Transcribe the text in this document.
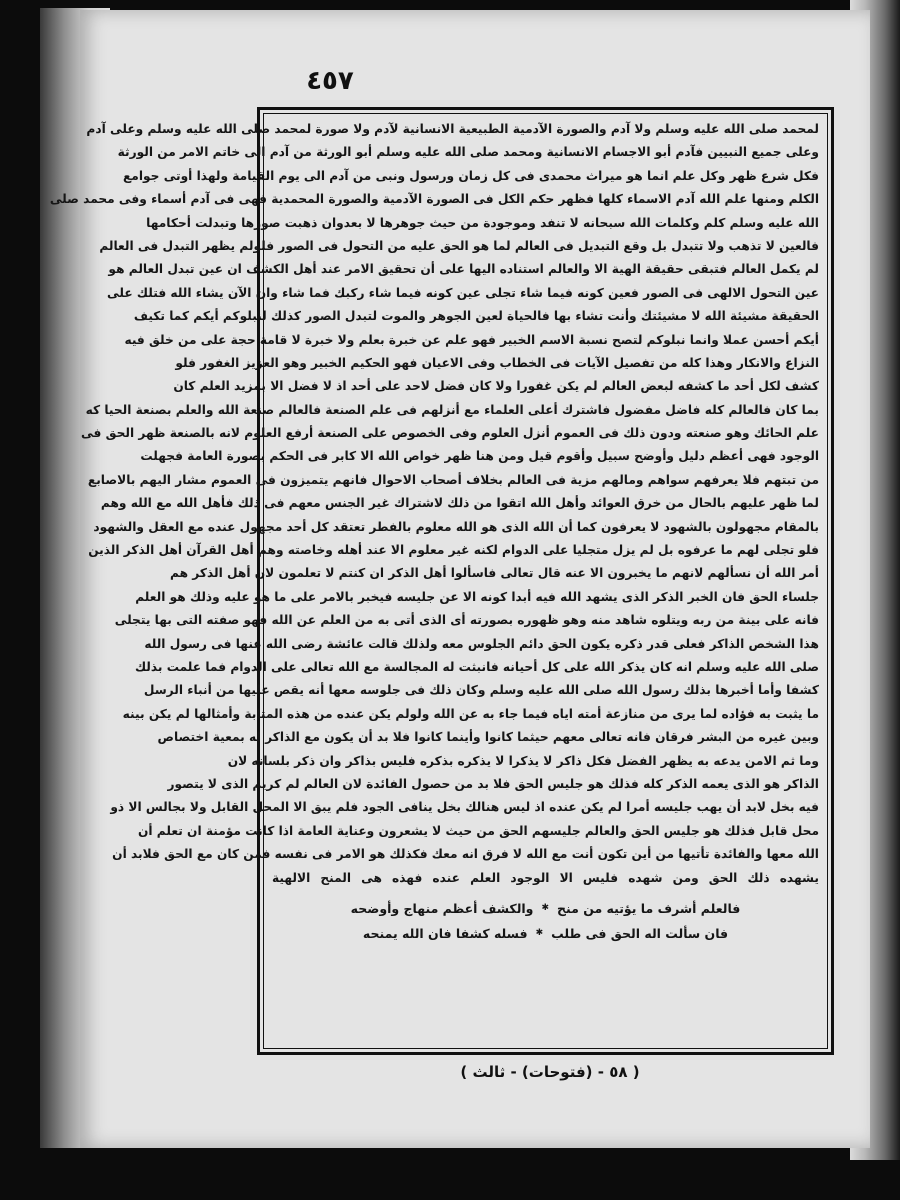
٤٥٧
لمحمد صلى الله عليه وسلم ولا آدم والصورة الآدمية الطبيعية الانسانية لآدم ولا صورة لمحمد صلى الله عليه وسلم وعلى آدم
وعلى جميع النبيين فآدم أبو الاجسام الانسانية ومحمد صلى الله عليه وسلم أبو الورثة من آدم الى خاتم الامر من الورثة
فكل شرع ظهر وكل علم انما هو ميراث محمدى فى كل زمان ورسول ونبى من آدم الى يوم القيامة ولهذا أوتى جوامع
الكلم ومنها علم الله آدم الاسماء كلها فظهر حكم الكل فى الصورة الآدمية والصورة المحمدية فهى فى آدم أسماء وفى محمد صلى
الله عليه وسلم كلم وكلمات الله سبحانه لا تنفد وموجودة من حيث جوهرها لا بعدوان ذهبت صورها وتبدلت أحكامها
فالعين لا تذهب ولا تتبدل بل وقع التبديل فى العالم لما هو الحق عليه من التحول فى الصور فلولم يظهر التبدل فى العالم
لم يكمل العالم فتبقى حقيقة الهية الا والعالم استناده اليها على أن تحقيق الامر عند أهل الكشف ان عين تبدل العالم هو
عين التحول الالهى فى الصور فعين كونه فيما شاء تجلى عين كونه فيما شاء ركبك فما شاء وان الآن يشاء الله فتلك على
الحقيقة مشيئة الله لا مشيئتك وأنت تشاء بها فالحياة لعين الجوهر والموت لتبدل الصور كذلك لنبلوكم أيكم كما تكيف
أيكم أحسن عملا وانما نبلوكم لتصح نسبة الاسم الخبير فهو علم عن خبرة بعلم ولا خبرة لا قامة حجة على من خلق فيه
النزاع والانكار وهذا كله من تفصيل الآيات فى الخطاب وفى الاعيان فهو الحكيم الخبير وهو العزيز الغفور فلو
كشف لكل أحد ما كشفه لبعض العالم لم يكن غفورا ولا كان فضل لاحد على أحد اذ لا فضل الا بمزيد العلم كان
بما كان فالعالم كله فاضل مفضول فاشترك أعلى العلماء مع أنزلهم فى علم الصنعة فالعالم صنعة الله والعلم بصنعة الحيا كه
علم الحائك وهو صنعته ودون ذلك فى العموم أنزل العلوم وفى الخصوص على الصنعة أرفع العلوم لانه بالصنعة ظهر الحق فى
الوجود فهى أعظم دليل وأوضح سبيل وأقوم قيل ومن هنا ظهر خواص الله الا كابر فى الحكم بصورة العامة فجهلت
من تبتهم فلا يعرفهم سواهم ومالهم مزية فى العالم بخلاف أصحاب الاحوال فانهم يتميزون فى العموم مشار اليهم بالاصابع
لما ظهر عليهم بالحال من خرق العوائد وأهل الله اتقوا من ذلك لاشتراك غير الجنس معهم فى ذلك فأهل الله مع الله وهم
بالمقام مجهولون بالشهود لا يعرفون كما أن الله الذى هو الله معلوم بالفطر تعتقد كل أحد مجهول عنده مع العقل والشهود
فلو تجلى لهم ما عرفوه بل لم يزل متجليا على الدوام لكنه غير معلوم الا عند أهله وخاصته وهم أهل القرآن أهل الذكر الذين
أمر الله أن نسألهم لانهم ما يخبرون الا عنه قال تعالى فاسألوا أهل الذكر ان كنتم لا تعلمون لان أهل الذكر هم
جلساء الحق فان الخبر الذكر الذى يشهد الله فيه أبدا كونه الا عن جليسه فيخبر بالامر على ما هو عليه وذلك هو العلم
فانه على بينة من ربه ويتلوه شاهد منه وهو ظهوره بصورته أى الذى أتى به من العلم عن الله فهو صفته التى بها يتجلى
هذا الشخص الذاكر فعلى قدر ذكره يكون الحق دائم الجلوس معه ولذلك قالت عائشة رضى الله عنها فى رسول الله
صلى الله عليه وسلم انه كان يذكر الله على كل أحيانه فانبثت له المجالسة مع الله تعالى على الدوام فما علمت بذلك
كشفا وأما أخبرها بذلك رسول الله صلى الله عليه وسلم وكان ذلك فى جلوسه معها أنه يقص عليها من أنباء الرسل
ما يثبت به فؤاده لما يرى من منازعة أمته اياه فيما جاء به عن الله ولولم يكن عنده من هذه المثابة وأمثالها لم يكن بينه
وبين غيره من البشر فرقان فانه تعالى معهم حيثما كانوا وأينما كانوا فلا بد أن يكون مع الذاكر له بمعية اختصاص
وما ثم الامن يدعه به يظهر الفضل فكل ذاكر لا يذكرا لا يذكره بذكره فليس بذاكر وان ذكر بلسانه لان
الذاكر هو الذى يعمه الذكر كله فذلك هو جليس الحق فلا بد من حصول الفائدة لان العالم لم كريم الذى لا يتصور
فيه بخل لابد أن يهب جليسه أمرا لم يكن عنده اذ ليس هنالك بخل ينافى الجود فلم يبق الا المحل القابل ولا بجالس الا ذو
محل قابل فذلك هو جليس الحق والعالم جليسهم الحق من حيث لا يشعرون وعناية العامة اذا كانت مؤمنة ان تعلم أن
الله معها والفائدة تأتيها من أين تكون أنت مع الله لا فرق انه معك فكذلك هو الامر فى نفسه فمن كان مع الحق فلابد أن
يشهده ذلك الحق ومن شهده فليس الا الوجود العلم عنده فهذه هى المنح الالهية
فالعلم أشرف ما يؤتيه من منح
✱
والكشف أعظم منهاج وأوضحه
فان سألت اله الحق فى طلب
✱
فسله كشفا فان الله يمنحه
( ٥٨ - (فتوحات) - ثالث )
